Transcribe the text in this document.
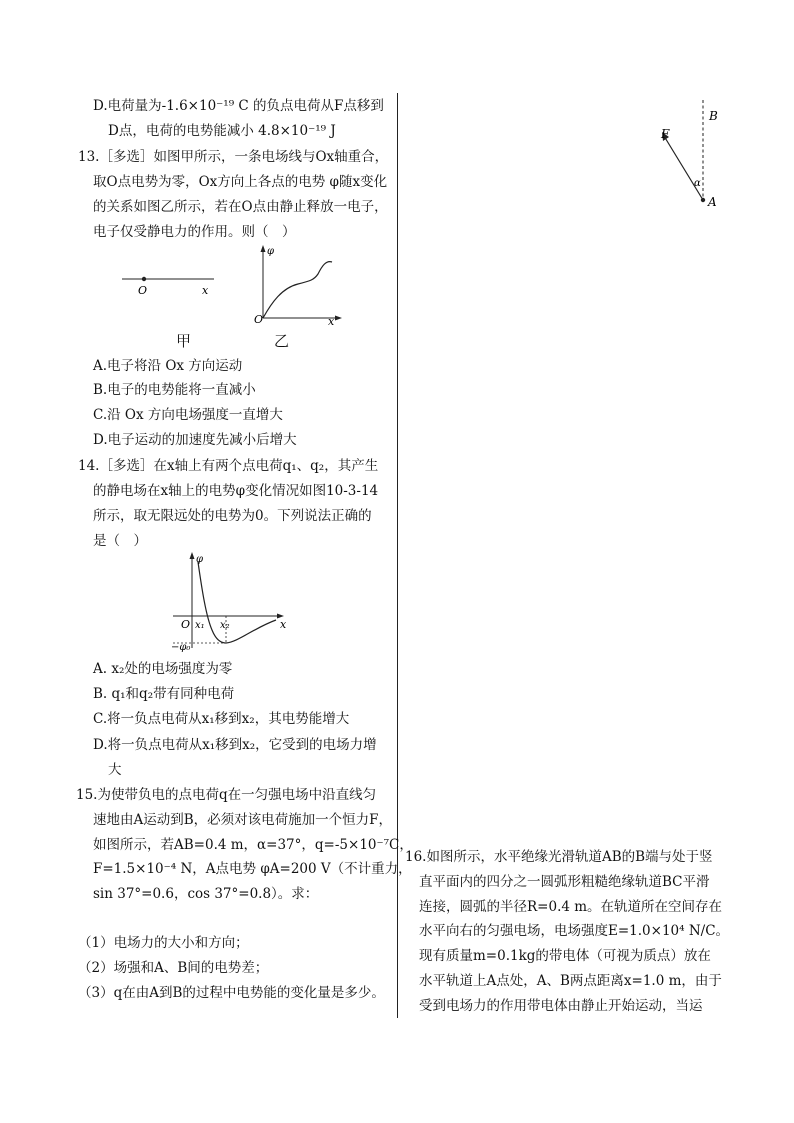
D.电荷量为-1.6×10⁻¹⁹ C 的负点电荷从F点移到
D点，电荷的电势能减小 4.8×10⁻¹⁹ J
13.［多选］如图甲所示，一条电场线与Ox轴重合，
取O点电势为零，Ox方向上各点的电势 φ随x变化
的关系如图乙所示，若在O点由静止释放一电子，
电子仅受静电力的作用。则（　）
O	x
甲
φ
O	x
乙
A.电子将沿 Ox 方向运动
B.电子的电势能将一直减小
C.沿 Ox 方向电场强度一直增大
D.电子运动的加速度先减小后增大
14.［多选］在x轴上有两个点电荷q₁、q₂，其产生
的静电场在x轴上的电势φ变化情况如图10-3-14
所示，取无限远处的电势为0。下列说法正确的
是（　）
φ
O x₁ x₂	x
−φ₀
A. x₂处的电场强度为零
B. q₁和q₂带有同种电荷
C.将一负点电荷从x₁移到x₂，其电势能增大
D.将一负点电荷从x₁移到x₂，它受到的电场力增
大
15.为使带负电的点电荷q在一匀强电场中沿直线匀
速地由A运动到B，必须对该电荷施加一个恒力F，
如图所示，若AB=0.4 m，α=37°，q=-5×10⁻⁷C，
F=1.5×10⁻⁴ N，A点电势 φA=200 V（不计重力，
sin 37°=0.6，cos 37°=0.8）。求：
（1）电场力的大小和方向；
（2）场强和A、B间的电势差；
（3）q在由A到B的过程中电势能的变化量是多少。
B
F
α
A
16.如图所示，水平绝缘光滑轨道AB的B端与处于竖
直平面内的四分之一圆弧形粗糙绝缘轨道BC平滑
连接，圆弧的半径R=0.4 m。在轨道所在空间存在
水平向右的匀强电场，电场强度E=1.0×10⁴ N/C。
现有质量m=0.1kg的带电体（可视为质点）放在
水平轨道上A点处，A、B两点距离x=1.0 m，由于
受到电场力的作用带电体由静止开始运动，当运
